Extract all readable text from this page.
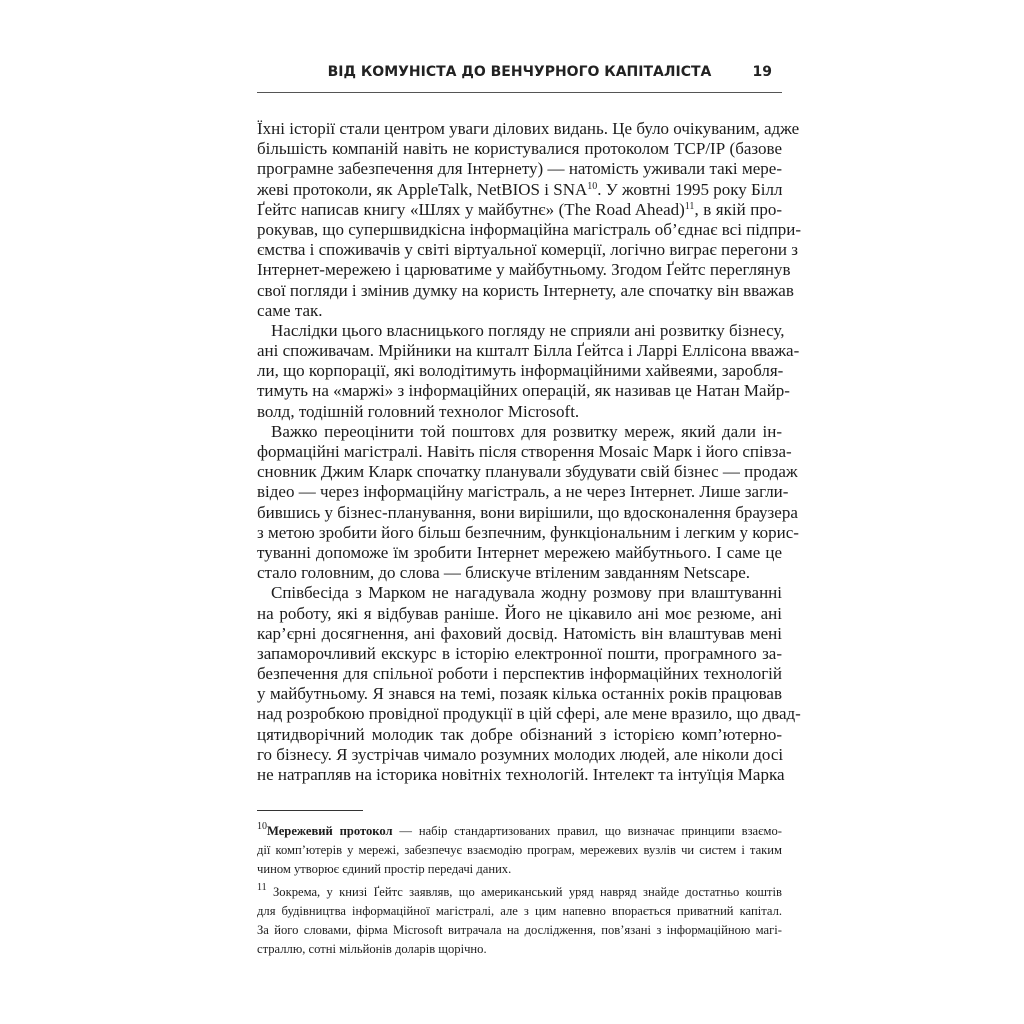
ВІД КОМУНІСТА ДО ВЕНЧУРНОГО КАПІТАЛІСТА	19
Їхні історії стали центром уваги ділових видань. Це було очікуваним, адже
більшість компаній навіть не користувалися протоколом TCP/IP (базове
програмне забезпечення для Інтернету) — натомість уживали такі мере-
жеві протоколи, як AppleTalk, NetBIOS і SNA$^{10}$. У жовтні 1995 року Білл
Ґейтс написав книгу «Шлях у майбутнє» (The Road Ahead)$^{11}$, в якій про-
рокував, що супершвидкісна інформаційна магістраль об’єднає всі підпри-
ємства і споживачів у світі віртуальної комерції, логічно виграє перегони з
Інтернет-мережею і царюватиме у майбутньому. Згодом Ґейтс переглянув
свої погляди і змінив думку на користь Інтернету, але спочатку він вважав
саме так.
Наслідки цього власницького погляду не сприяли ані розвитку бізнесу,
ані споживачам. Мрійники на кшталт Білла Ґейтса і Ларрі Еллісона вважа-
ли, що корпорації, які володітимуть інформаційними хайвеями, заробля-
тимуть на «маржі» з інформаційних операцій, як називав це Натан Майр-
волд, тодішній головний технолог Microsoft.
Важко переоцінити той поштовх для розвитку мереж, який дали ін-
формаційні магістралі. Навіть після створення Mosaic Марк і його співза-
сновник Джим Кларк спочатку планували збудувати свій бізнес — продаж
відео — через інформаційну магістраль, а не через Інтернет. Лише загли-
бившись у бізнес-планування, вони вирішили, що вдосконалення браузера
з метою зробити його більш безпечним, функціональним і легким у корис-
туванні допоможе їм зробити Інтернет мережею майбутнього. І саме це
стало головним, до слова — блискуче втіленим завданням Netscape.
Співбесіда з Марком не нагадувала жодну розмову при влаштуванні
на роботу, які я відбував раніше. Його не цікавило ані моє резюме, ані
кар’єрні досягнення, ані фаховий досвід. Натомість він влаштував мені
запаморочливий екскурс в історію електронної пошти, програмного за-
безпечення для спільної роботи і перспектив інформаційних технологій
у майбутньому. Я знався на темі, позаяк кілька останніх років працював
над розробкою провідної продукції в цій сфері, але мене вразило, що двад-
цятидворічний молодик так добре обізнаний з історією комп’ютерно-
го бізнесу. Я зустрічав чимало розумних молодих людей, але ніколи досі
не натрапляв на історика новітніх технологій. Інтелект та інтуїція Марка
$^{10}$Мережевий протокол — набір стандартизованих правил, що визначає принципи взаємо-
дії комп’ютерів у мережі, забезпечує взаємодію програм, мережевих вузлів чи систем і таким
чином утворює єдиний простір передачі даних.
$^{11}$ Зокрема, у книзі Ґейтс заявляв, що американський уряд навряд знайде достатньо коштів
для будівництва інформаційної магістралі, але з цим напевно впорається приватний капітал.
За його словами, фірма Microsoft витрачала на дослідження, пов’язані з інформаційною магі-
страллю, сотні мільйонів доларів щорічно.
